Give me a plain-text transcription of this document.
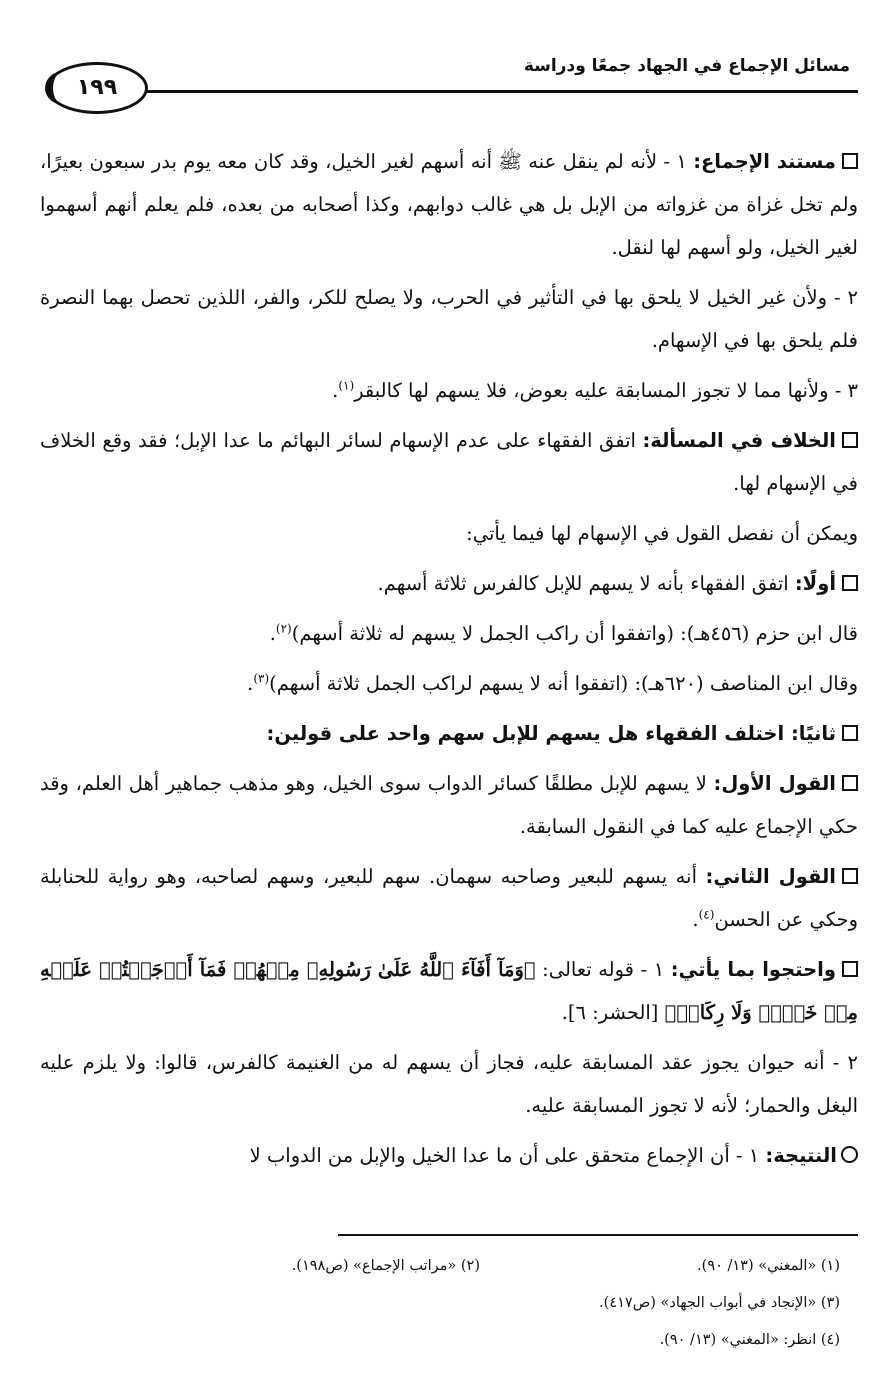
مسائل الإجماع في الجهاد جمعًا ودراسة
١٩٩

مستند الإجماع: ١ - لأنه لم ينقل عنه ﷺ أنه أسهم لغير الخيل، وقد كان معه يوم بدر سبعون بعيرًا، ولم تخل غزاة من غزواته من الإبل بل هي غالب دوابهم، وكذا أصحابه من بعده، فلم يعلم أنهم أسهموا لغير الخيل، ولو أسهم لها لنقل.

٢ - ولأن غير الخيل لا يلحق بها في التأثير في الحرب، ولا يصلح للكر، والفر، اللذين تحصل بهما النصرة فلم يلحق بها في الإسهام.

٣ - ولأنها مما لا تجوز المسابقة عليه بعوض، فلا يسهم لها كالبقر$^{(١)}$.

الخلاف في المسألة: اتفق الفقهاء على عدم الإسهام لسائر البهائم ما عدا الإبل؛ فقد وقع الخلاف في الإسهام لها.

ويمكن أن نفصل القول في الإسهام لها فيما يأتي:

أولًا: اتفق الفقهاء بأنه لا يسهم للإبل كالفرس ثلاثة أسهم.

قال ابن حزم (٤٥٦هـ): (واتفقوا أن راكب الجمل لا يسهم له ثلاثة أسهم)$^{(٢)}$.

وقال ابن المناصف (٦٢٠هـ): (اتفقوا أنه لا يسهم لراكب الجمل ثلاثة أسهم)$^{(٣)}$.

ثانيًا: اختلف الفقهاء هل يسهم للإبل سهم واحد على قولين:

القول الأول: لا يسهم للإبل مطلقًا كسائر الدواب سوى الخيل، وهو مذهب جماهير أهل العلم، وقد حكي الإجماع عليه كما في النقول السابقة.

القول الثاني: أنه يسهم للبعير وصاحبه سهمان. سهم للبعير، وسهم لصاحبه، وهو رواية للحنابلة وحكي عن الحسن$^{(٤)}$.

واحتجوا بما يأتي: ١ - قوله تعالى: ﴿وَمَآ أَفَآءَ ٱللَّهُ عَلَىٰ رَسُولِهِۦ مِنۡهُمۡ فَمَآ أَوۡجَفۡتُمۡ عَلَيۡهِ مِنۡ خَيۡلٖ وَلَا رِكَابٖ﴾ [الحشر: ٦].

٢ - أنه حيوان يجوز عقد المسابقة عليه، فجاز أن يسهم له من الغنيمة كالفرس، قالوا: ولا يلزم عليه البغل والحمار؛ لأنه لا تجوز المسابقة عليه.

النتيجة: ١ - أن الإجماع متحقق على أن ما عدا الخيل والإبل من الدواب لا

(١) «المغني» (١٣/ ٩٠).
(٢) «مراتب الإجماع» (ص١٩٨).
(٣) «الإنجاد في أبواب الجهاد» (ص٤١٧).
(٤) انظر: «المغني» (١٣/ ٩٠).
